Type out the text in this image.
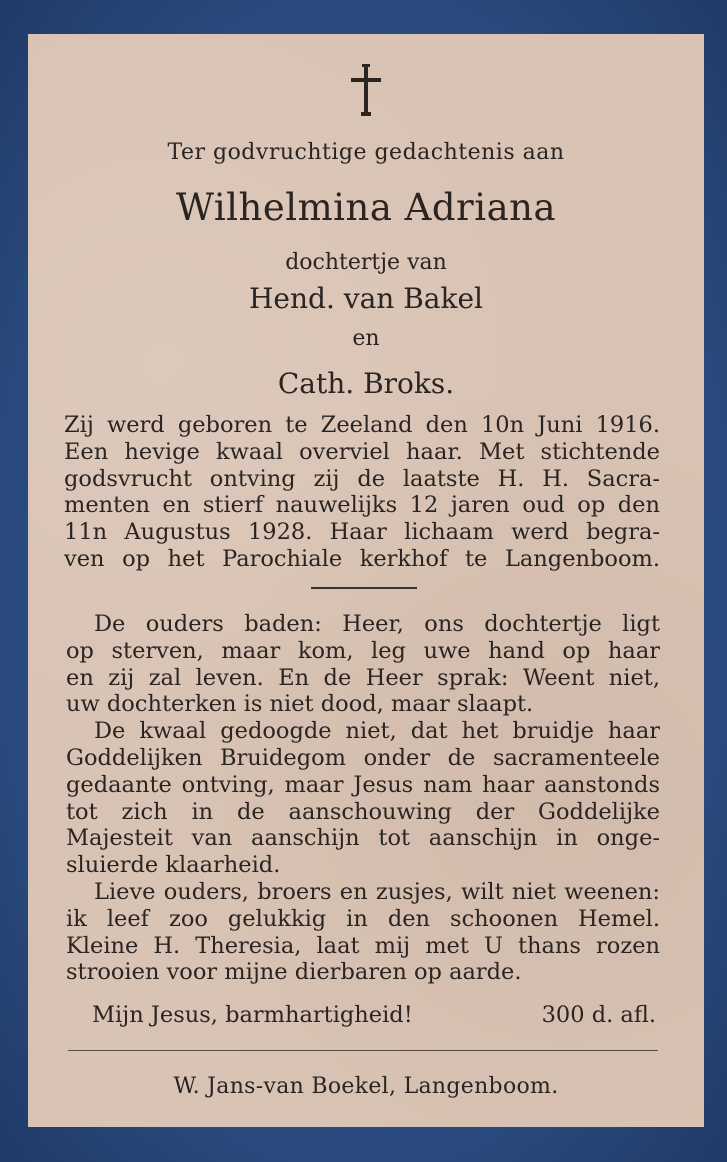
Ter godvruchtige gedachtenis aan
Wilhelmina Adriana
dochtertje van
Hend. van Bakel
en
Cath. Broks.
Zij werd geboren te Zeeland den 10n Juni 1916.
Een hevige kwaal overviel haar. Met stichtende
godsvrucht ontving zij de laatste H. H. Sacra-
menten en stierf nauwelijks 12 jaren oud op den
11n Augustus 1928. Haar lichaam werd begra-
ven op het Parochiale kerkhof te Langenboom.
De ouders baden: Heer, ons dochtertje ligt
op sterven, maar kom, leg uwe hand op haar
en zij zal leven. En de Heer sprak: Weent niet,
uw dochterken is niet dood, maar slaapt.
De kwaal gedoogde niet, dat het bruidje haar
Goddelijken Bruidegom onder de sacramenteele
gedaante ontving, maar Jesus nam haar aanstonds
tot zich in de aanschouwing der Goddelijke
Majesteit van aanschijn tot aanschijn in onge-
sluierde klaarheid.
Lieve ouders, broers en zusjes, wilt niet weenen:
ik leef zoo gelukkig in den schoonen Hemel.
Kleine H. Theresia, laat mij met U thans rozen
strooien voor mijne dierbaren op aarde.
Mijn Jesus, barmhartigheid!	300 d. afl.
W. Jans-van Boekel, Langenboom.
